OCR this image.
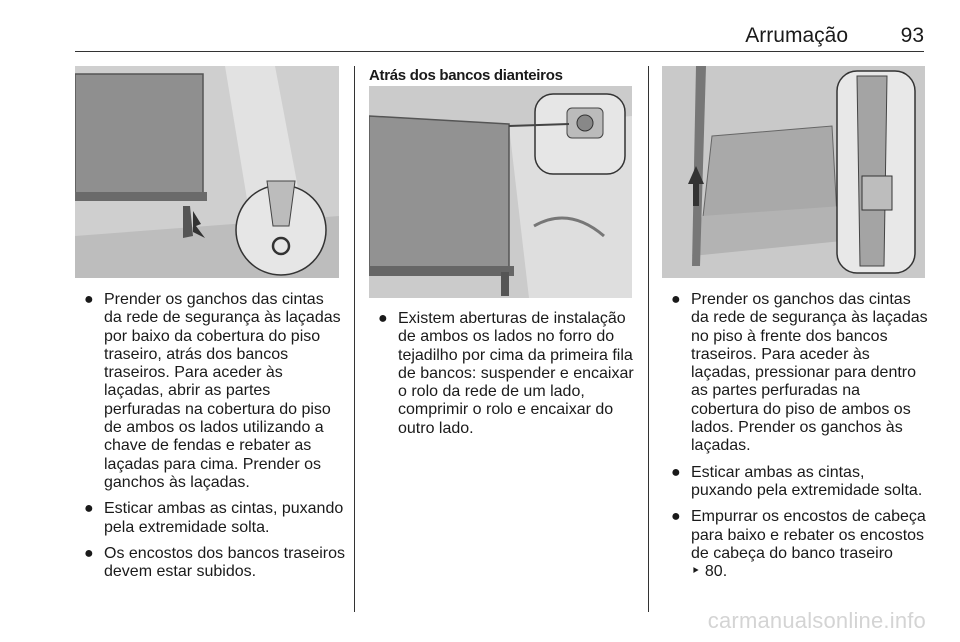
Arrumação	93
Atrás dos bancos dianteiros
● Prender os ganchos das cintas da rede de segurança às laçadas por baixo da cobertura do piso traseiro, atrás dos bancos traseiros. Para aceder às laçadas, abrir as partes perfuradas na cobertura do piso de ambos os lados utilizando a chave de fendas e rebater as laçadas para cima. Prender os ganchos às laçadas.
● Esticar ambas as cintas, puxando pela extremidade solta.
● Os encostos dos bancos traseiros devem estar subidos.
● Existem aberturas de instalação de ambos os lados no forro do tejadilho por cima da primeira fila de bancos: suspender e encaixar o rolo da rede de um lado, comprimir o rolo e encaixar do outro lado.
● Prender os ganchos das cintas da rede de segurança às laçadas no piso à frente dos bancos traseiros. Para aceder às laçadas, pressionar para dentro as partes perfuradas na cobertura do piso de ambos os lados. Prender os ganchos às laçadas.
● Esticar ambas as cintas, puxando pela extremidade solta.
● Empurrar os encostos de cabeça para baixo e rebater os encostos de cabeça do banco traseiro
‣ 80.
carmanualsonline.info
